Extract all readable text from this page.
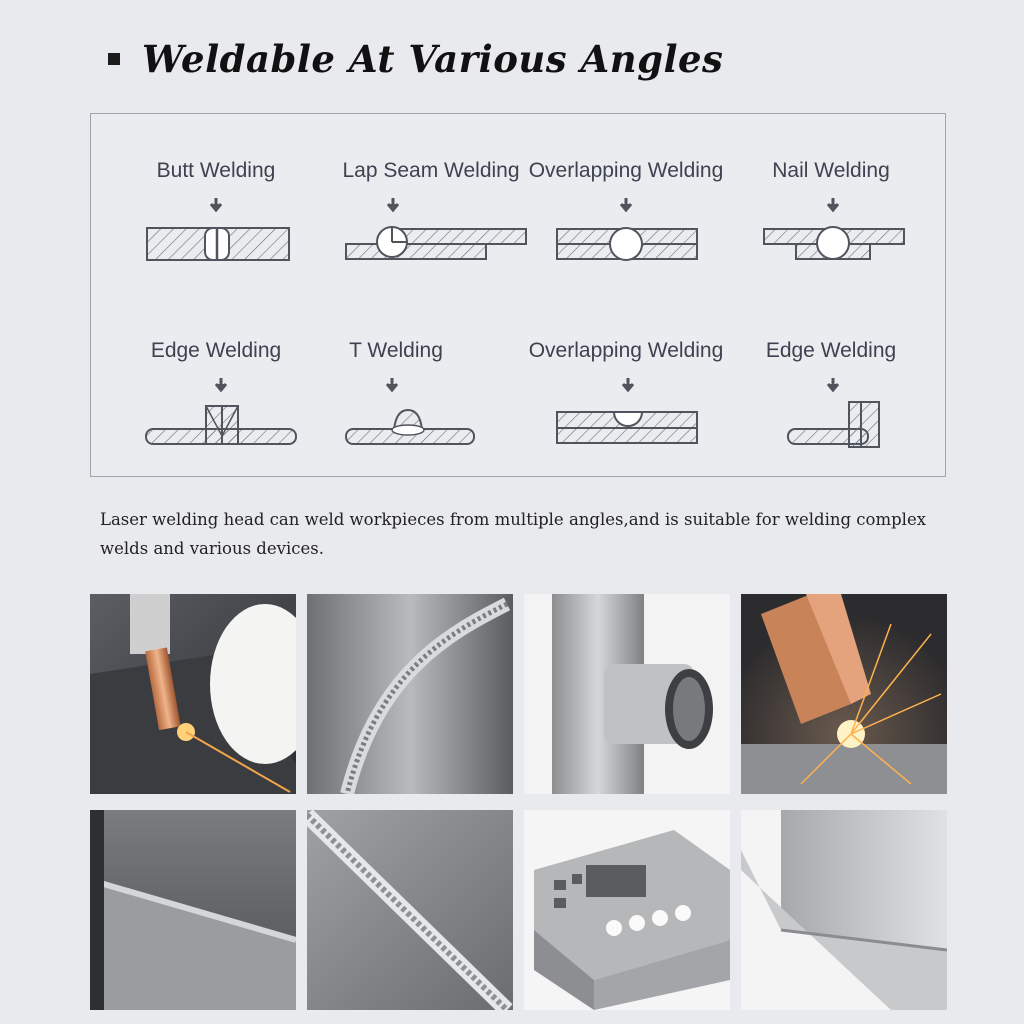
Weldable At Various Angles
Butt Welding	Lap Seam Welding Overlapping Welding	Nail Welding
Edge Welding	T Welding	Overlapping Welding	Edge Welding
Laser welding head can weld workpieces from multiple angles,and is suitable for welding complex welds and various devices.
